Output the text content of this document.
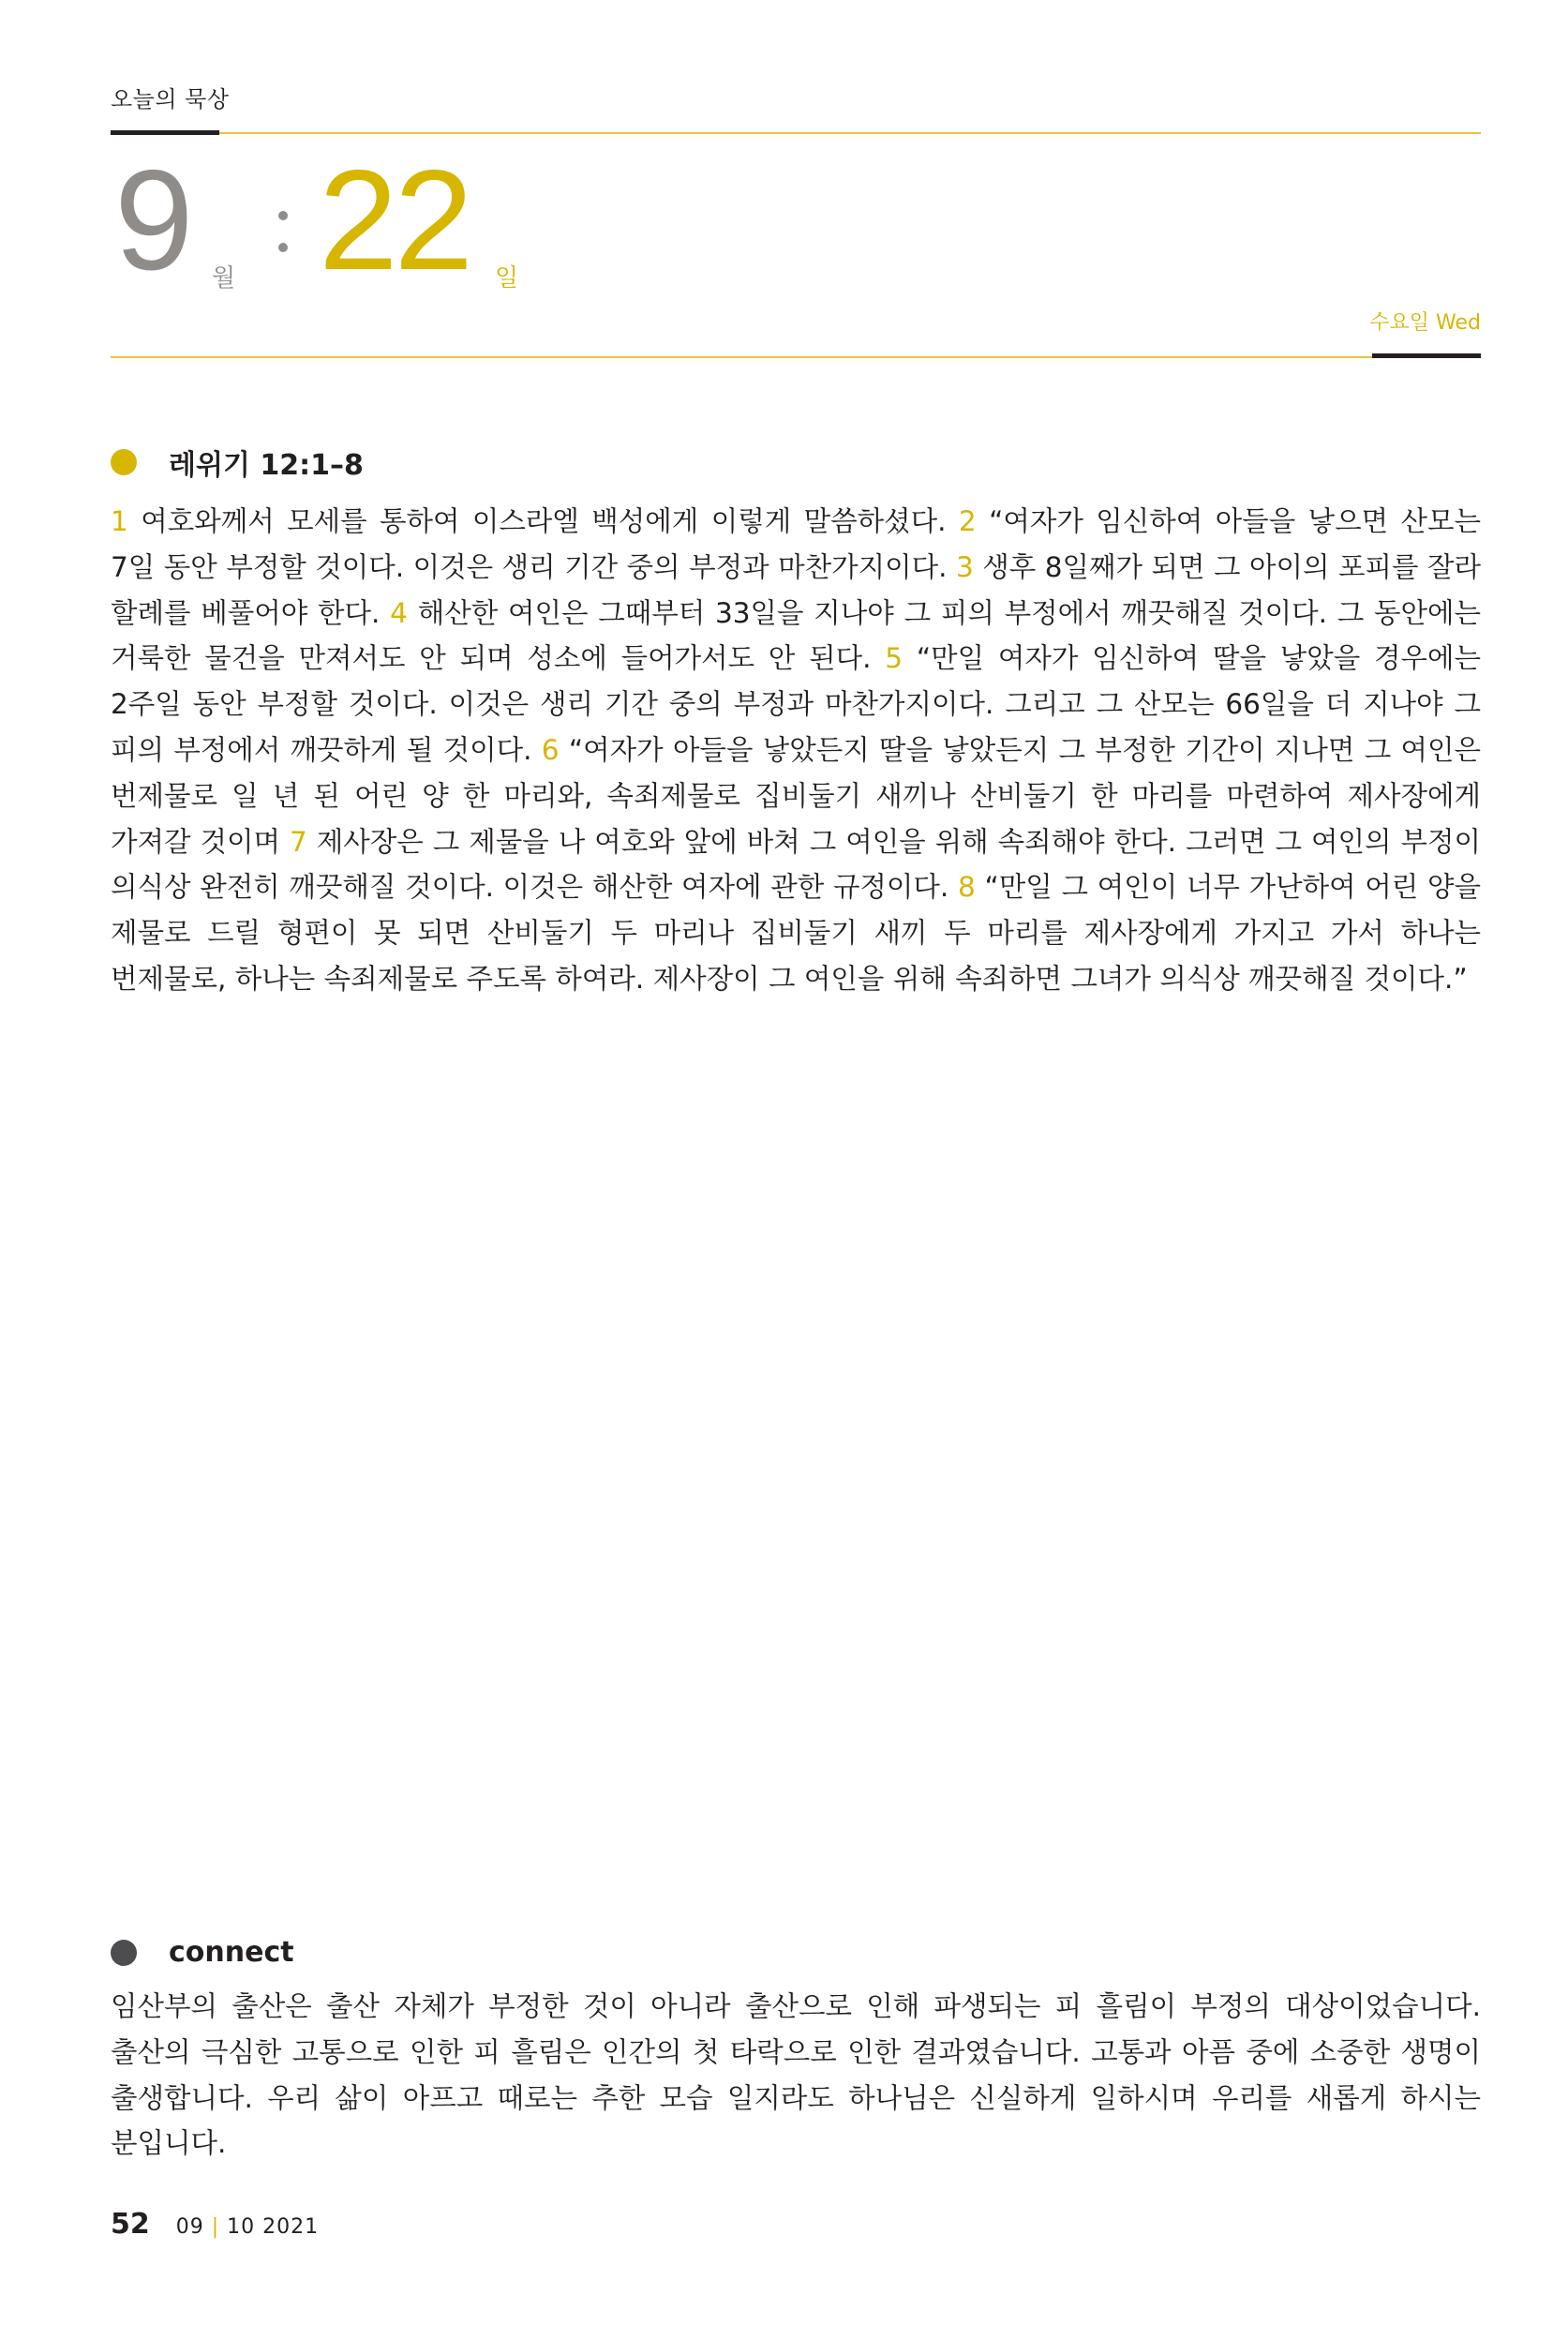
오늘의 묵상
9 월 22 일
수요일 Wed
레위기 12:1–8
1 여호와께서 모세를 통하여 이스라엘 백성에게 이렇게 말씀하셨다. 2 “여자가 임신하여 아들을 낳으면 산모는 7일 동안 부정할 것이다. 이것은 생리 기간 중의 부정과 마찬가지이다. 3 생후 8일째가 되면 그 아이의 포피를 잘라 할례를 베풀어야 한다. 4 해산한 여인은 그때부터 33일을 지나야 그 피의 부정에서 깨끗해질 것이다. 그 동안에는 거룩한 물건을 만져서도 안 되며 성소에 들어가서도 안 된다. 5 “만일 여자가 임신하여 딸을 낳았을 경우에는 2주일 동안 부정할 것이다. 이것은 생리 기간 중의 부정과 마찬가지이다. 그리고 그 산모는 66일을 더 지나야 그 피의 부정에서 깨끗하게 될 것이다. 6 “여자가 아들을 낳았든지 딸을 낳았든지 그 부정한 기간이 지나면 그 여인은 번제물로 일 년 된 어린 양 한 마리와, 속죄제물로 집비둘기 새끼나 산비둘기 한 마리를 마련하여 제사장에게 가져갈 것이며 7 제사장은 그 제물을 나 여호와 앞에 바쳐 그 여인을 위해 속죄해야 한다. 그러면 그 여인의 부정이 의식상 완전히 깨끗해질 것이다. 이것은 해산한 여자에 관한 규정이다. 8 “만일 그 여인이 너무 가난하여 어린 양을 제물로 드릴 형편이 못 되면 산비둘기 두 마리나 집비둘기 새끼 두 마리를 제사장에게 가지고 가서 하나는 번제물로, 하나는 속죄제물로 주도록 하여라. 제사장이 그 여인을 위해 속죄하면 그녀가 의식상 깨끗해질 것이다.”
connect
임산부의 출산은 출산 자체가 부정한 것이 아니라 출산으로 인해 파생되는 피 흘림이 부정의 대상이었습니다. 출산의 극심한 고통으로 인한 피 흘림은 인간의 첫 타락으로 인한 결과였습니다. 고통과 아픔 중에 소중한 생명이 출생합니다. 우리 삶이 아프고 때로는 추한 모습 일지라도 하나님은 신실하게 일하시며 우리를 새롭게 하시는 분입니다.
52 09 | 10 2021
